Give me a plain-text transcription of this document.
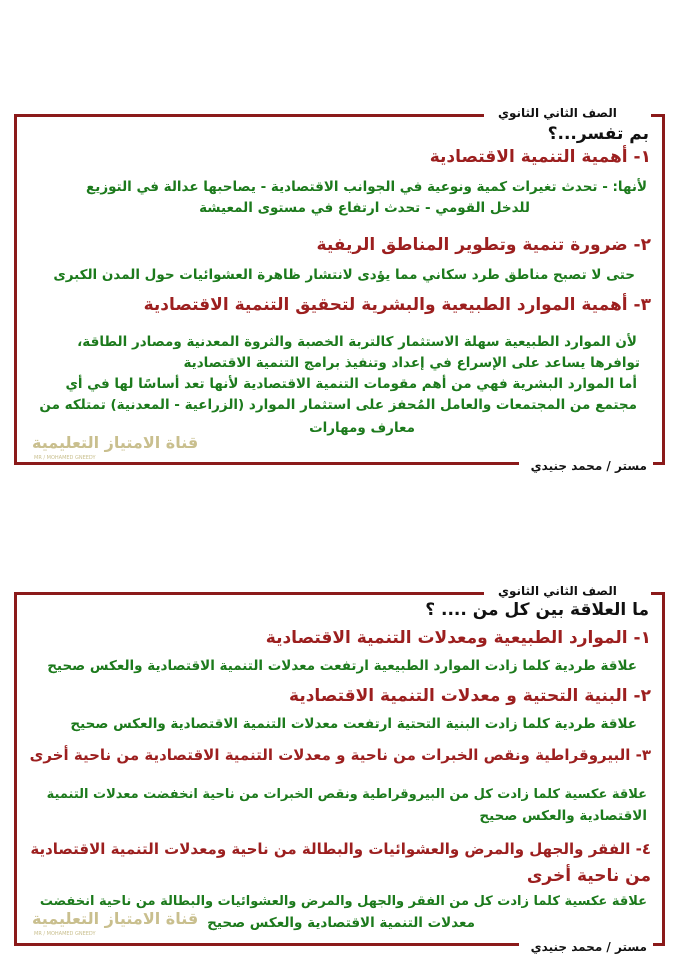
الصف الثاني الثانوي
بم تفسر...؟
١- أهمية التنمية الاقتصادية
لأنها: - تحدث تغيرات كمية ونوعية في الجوانب الاقتصادية - يصاحبها عدالة في التوزيع
للدخل القومي - تحدث ارتفاع في مستوى المعيشة
٢- ضرورة تنمية وتطوير المناطق الريفية
حتى لا تصبح مناطق طرد سكاني مما يؤدى لانتشار ظاهرة العشوائيات حول المدن الكبرى
٣- أهمية الموارد الطبيعية والبشرية لتحقيق التنمية الاقتصادية
لأن الموارد الطبيعية سهلة الاستثمار كالتربة الخصبة والثروة المعدنية ومصادر الطاقة،
توافرها يساعد على الإسراع في إعداد وتنفيذ برامج التنمية الاقتصادية
أما الموارد البشرية فهي من أهم مقومات التنمية الاقتصادية لأنها تعد أساسًا لها في أي
مجتمع من المجتمعات والعامل المُحفز على استثمار الموارد (الزراعية - المعدنية) تمتلكه من
معارف ومهارات
قناة الامتياز التعليمية
MR / MOHAMED GNEEDY
مستر / محمد جنيدي
الصف الثاني الثانوي
ما العلاقة بين كل من .... ؟
١- الموارد الطبيعية ومعدلات التنمية الاقتصادية
علاقة طردية كلما زادت الموارد الطبيعية ارتفعت معدلات التنمية الاقتصادية والعكس صحيح
٢- البنية التحتية و معدلات التنمية الاقتصادية
علاقة طردية كلما زادت البنية التحتية ارتفعت معدلات التنمية الاقتصادية والعكس صحيح
٣- البيروقراطية ونقص الخبرات من ناحية و معدلات التنمية الاقتصادية من ناحية أخرى
علاقة عكسية كلما زادت كل من البيروقراطية ونقص الخبرات من ناحية انخفضت معدلات التنمية
الاقتصادية والعكس صحيح
٤- الفقر والجهل والمرض والعشوائيات والبطالة من ناحية ومعدلات التنمية الاقتصادية
من ناحية أخرى
علاقة عكسية كلما زادت كل من الفقر والجهل والمرض والعشوائيات والبطالة من ناحية انخفضت
معدلات التنمية الاقتصادية والعكس صحيح
قناة الامتياز التعليمية
MR / MOHAMED GNEEDY
مستر / محمد جنيدي
